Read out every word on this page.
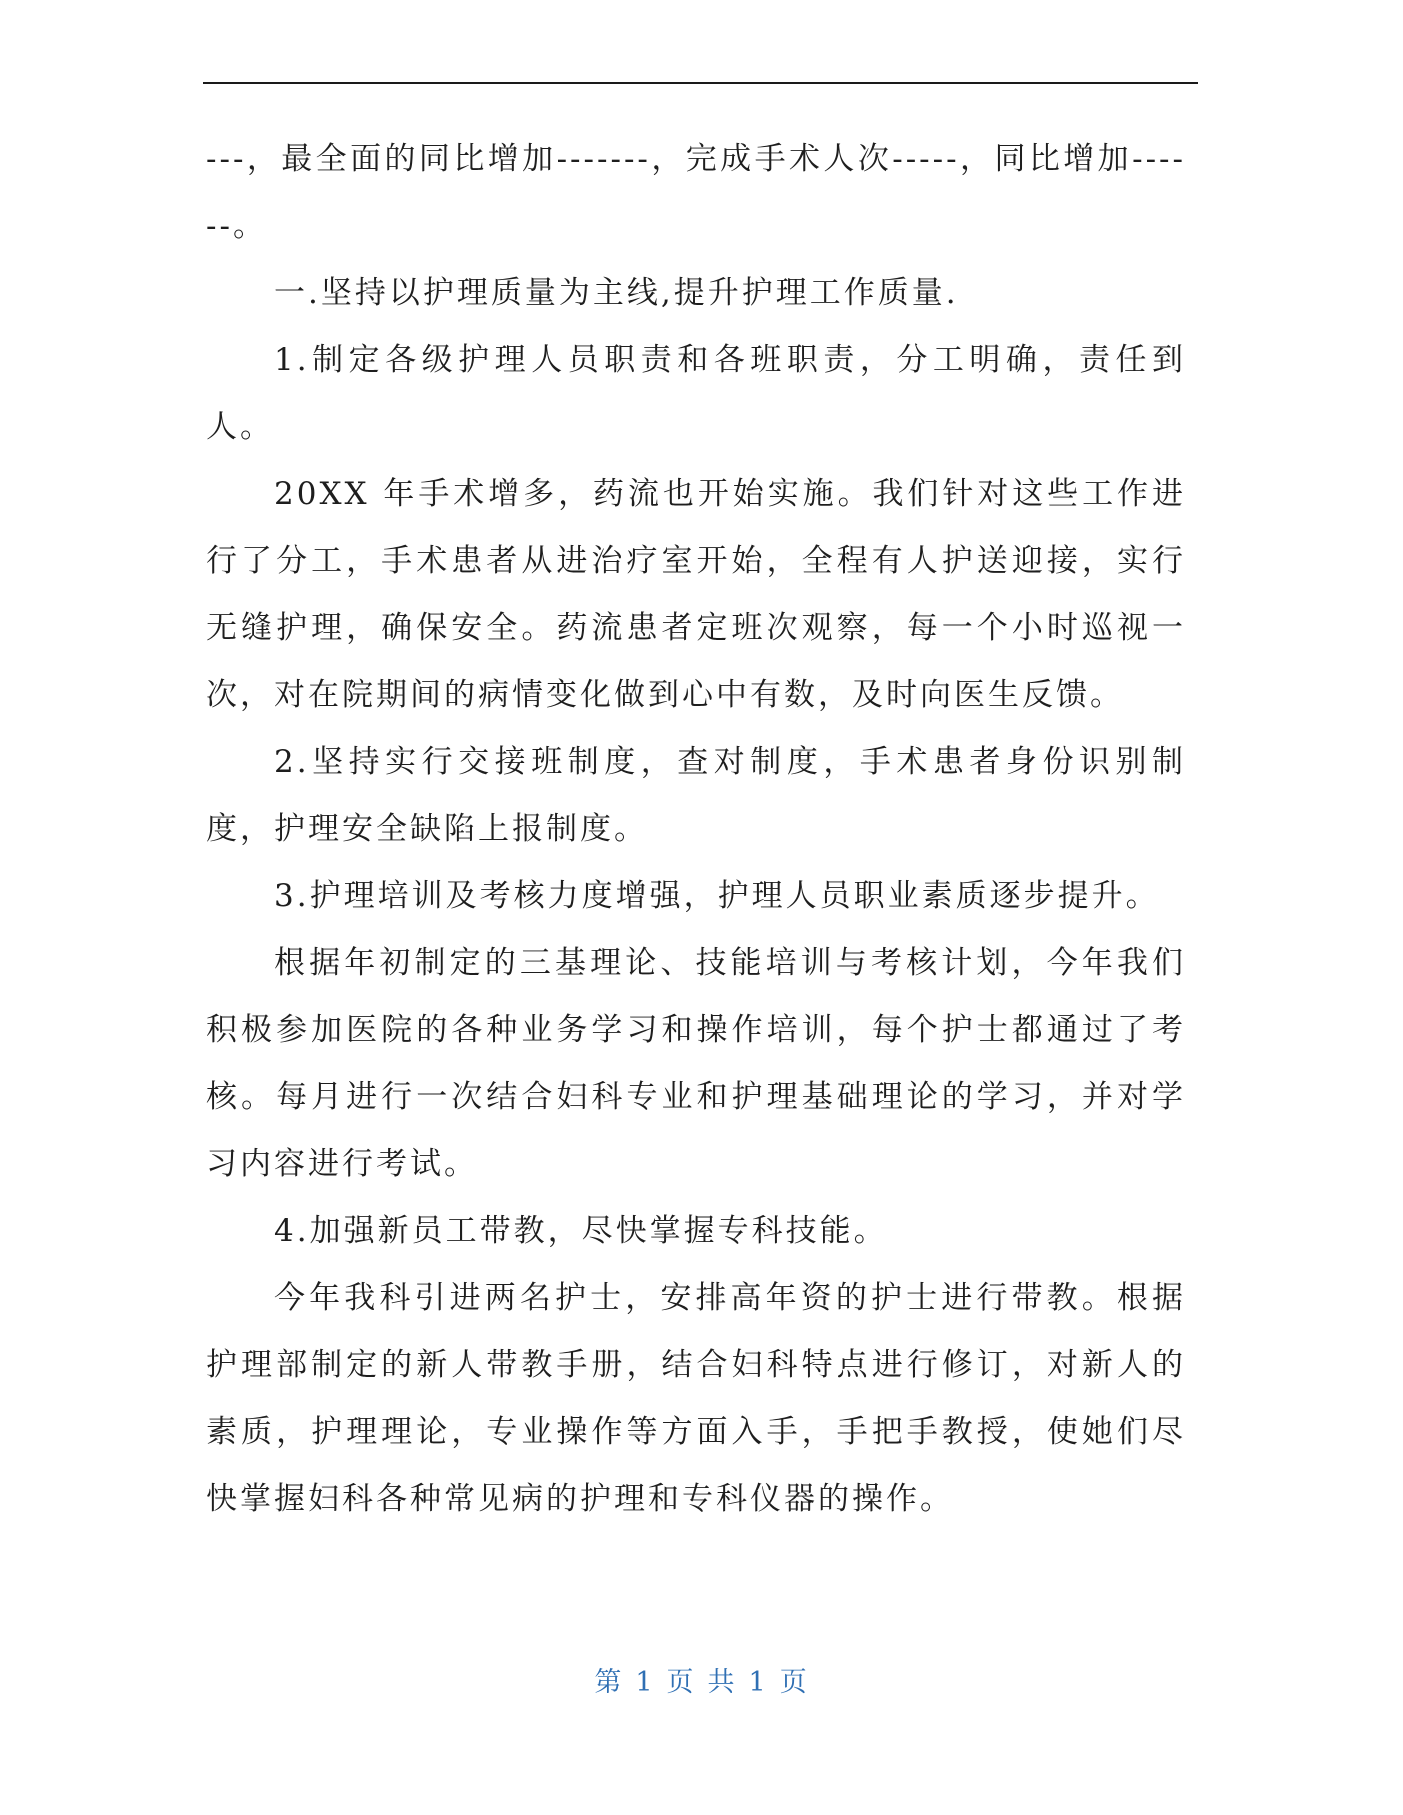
---，最全面的同比增加-------，完成手术人次-----，同比增加------。

一.坚持以护理质量为主线,提升护理工作质量.

1.制定各级护理人员职责和各班职责，分工明确，责任到人。

20XX 年手术增多，药流也开始实施。我们针对这些工作进行了分工，手术患者从进治疗室开始，全程有人护送迎接，实行无缝护理，确保安全。药流患者定班次观察，每一个小时巡视一次，对在院期间的病情变化做到心中有数，及时向医生反馈。

2.坚持实行交接班制度，查对制度，手术患者身份识别制度，护理安全缺陷上报制度。

3.护理培训及考核力度增强，护理人员职业素质逐步提升。

根据年初制定的三基理论、技能培训与考核计划，今年我们积极参加医院的各种业务学习和操作培训，每个护士都通过了考核。每月进行一次结合妇科专业和护理基础理论的学习，并对学习内容进行考试。

4.加强新员工带教，尽快掌握专科技能。

今年我科引进两名护士，安排高年资的护士进行带教。根据护理部制定的新人带教手册，结合妇科特点进行修订，对新人的素质，护理理论，专业操作等方面入手，手把手教授，使她们尽快掌握妇科各种常见病的护理和专科仪器的操作。

第 1 页 共 1 页
